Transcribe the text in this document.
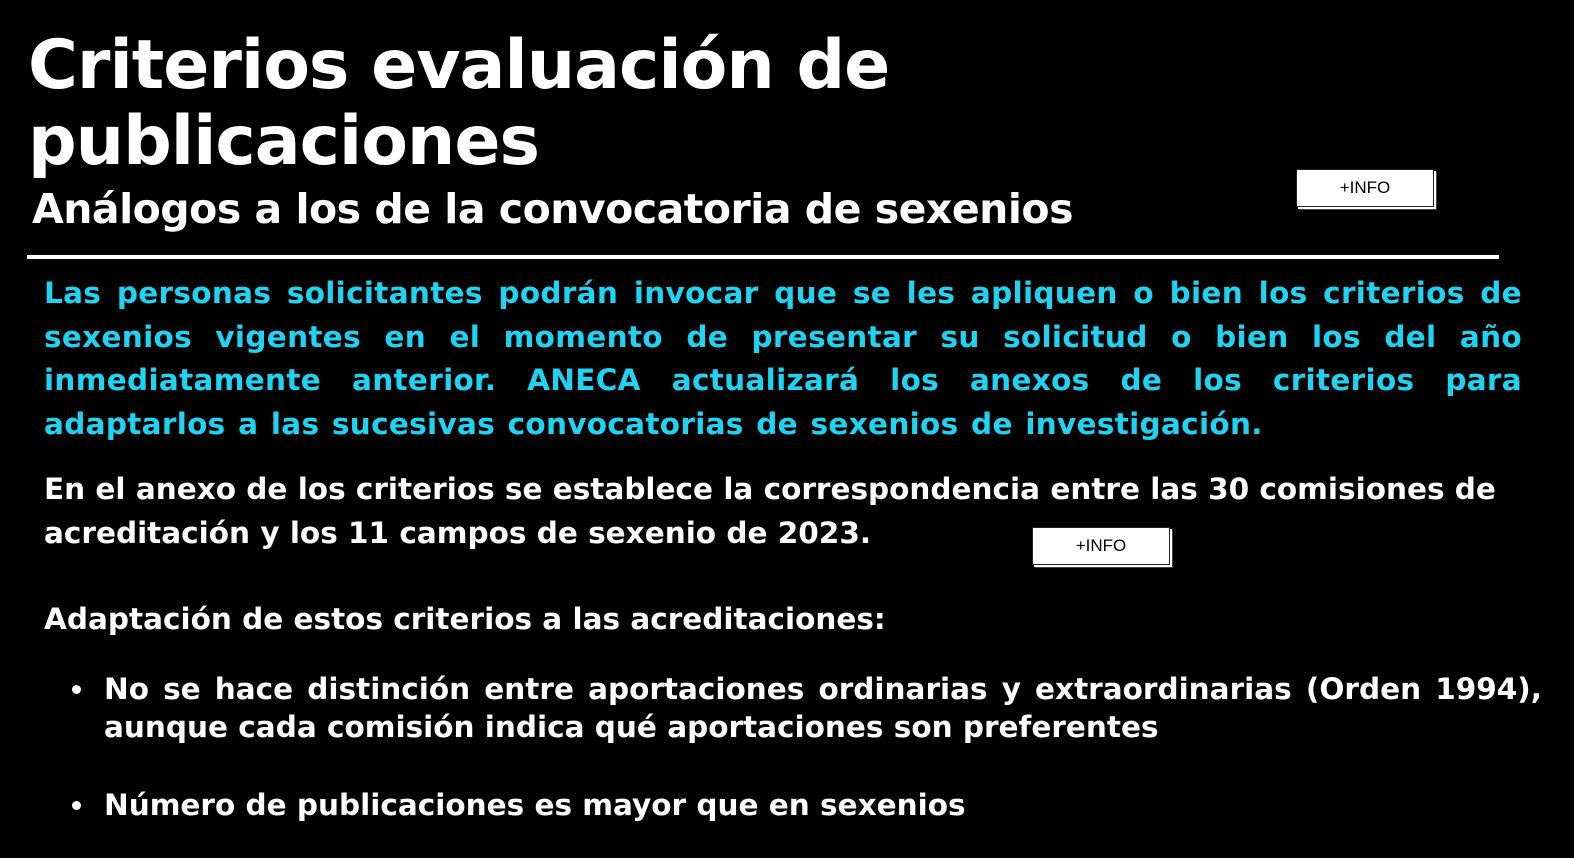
Criterios evaluación de publicaciones
Análogos a los de la convocatoria de sexenios	+INFO

Las personas solicitantes podrán invocar que se les apliquen o bien los criterios de sexenios vigentes en el momento de presentar su solicitud o bien los del año inmediatamente anterior. ANECA actualizará los anexos de los criterios para adaptarlos a las sucesivas convocatorias de sexenios de investigación.

En el anexo de los criterios se establece la correspondencia entre las 30 comisiones de acreditación y los 11 campos de sexenio de 2023.	+INFO

Adaptación de estos criterios a las acreditaciones:

No se hace distinción entre aportaciones ordinarias y extraordinarias (Orden 1994), aunque cada comisión indica qué aportaciones son preferentes
Número de publicaciones es mayor que en sexenios
